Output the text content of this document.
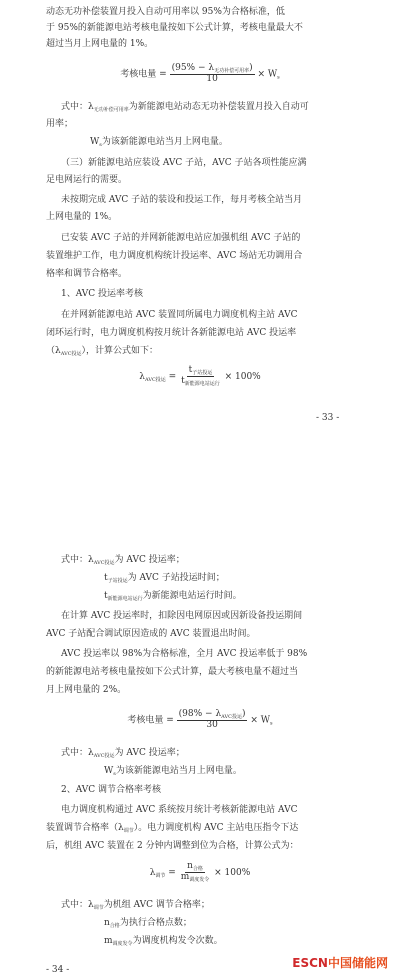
动态无功补偿装置月投入自动可用率以 95%为合格标准，低
于 95%的新能源电站考核电量按如下公式计算，考核电量最大不
超过当月上网电量的 1%。
考核电量 = $\frac{(95\% - \lambda_{无功补偿可用率})}{10} \times W_s$
式中：$\lambda_{无功补偿可用率}$为新能源电站动态无功补偿装置月投入自动可
用率；
$W_s$为该新能源电站当月上网电量。
（三）新能源电站应装设 AVC 子站，AVC 子站各项性能应满
足电网运行的需要。
未按期完成 AVC 子站的装设和投运工作，每月考核全站当月
上网电量的 1%。
已安装 AVC 子站的并网新能源电站应加强机组 AVC 子站的
装置维护工作，电力调度机构统计投运率、AVC 场站无功调用合
格率和调节合格率。
1、AVC 投运率考核
在并网新能源电站 AVC 装置同所属电力调度机构主站 AVC
闭环运行时，电力调度机构按月统计各新能源电站 AVC 投运率
$(\lambda_{AVC投运})$，计算公式如下：
$\lambda_{AVC投运} = \frac{t_{子站投运}}{t_{新能源电站运行}} \times 100\%$
- 33 -
式中：$\lambda_{AVC投运}$为 AVC 投运率；
$t_{子站投运}$为 AVC 子站投运时间；
$t_{新能源电站运行}$为新能源电站运行时间。
在计算 AVC 投运率时，扣除因电网原因或因新设备投运期间
AVC 子站配合调试原因造成的 AVC 装置退出时间。
AVC 投运率以 98%为合格标准，全月 AVC 投运率低于 98%
的新能源电站考核电量按如下公式计算，最大考核电量不超过当
月上网电量的 2%。
考核电量 = $\frac{(98\% - \lambda_{AVC投运})}{30} \times W_s$
式中：$\lambda_{AVC投运}$为 AVC 投运率；
$W_s$为该新能源电站当月上网电量。
2、AVC 调节合格率考核
电力调度机构通过 AVC 系统按月统计考核新能源电站 AVC
装置调节合格率$(\lambda_{调节})$。电力调度机构 AVC 主站电压指令下达
后，机组 AVC 装置在 2 分钟内调整到位为合格，计算公式为：
$\lambda_{调节} = \frac{n_{合格}}{m_{调度发令}} \times 100\%$
式中：$\lambda_{调节}$为机组 AVC 调节合格率；
$n_{合格}$为执行合格点数；
$m_{调度发令}$为调度机构发令次数。
- 34 -	ESCN中国储能网
